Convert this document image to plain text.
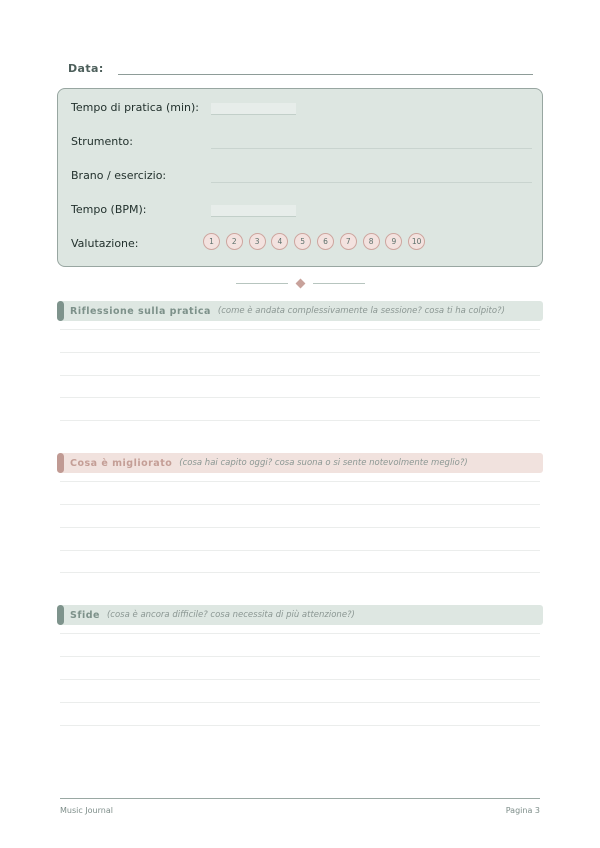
Data:
Tempo di pratica (min):
Strumento:
Brano / esercizio:
Tempo (BPM):
Valutazione:	1	2	3	4	5	6	7	8	9	10
Riflessione sulla pratica (come è andata complessivamente la sessione? cosa ti ha colpito?)
Cosa è migliorato (cosa hai capito oggi? cosa suona o si sente notevolmente meglio?)
Sfide (cosa è ancora difficile? cosa necessita di più attenzione?)
Music Journal	Pagina 3
